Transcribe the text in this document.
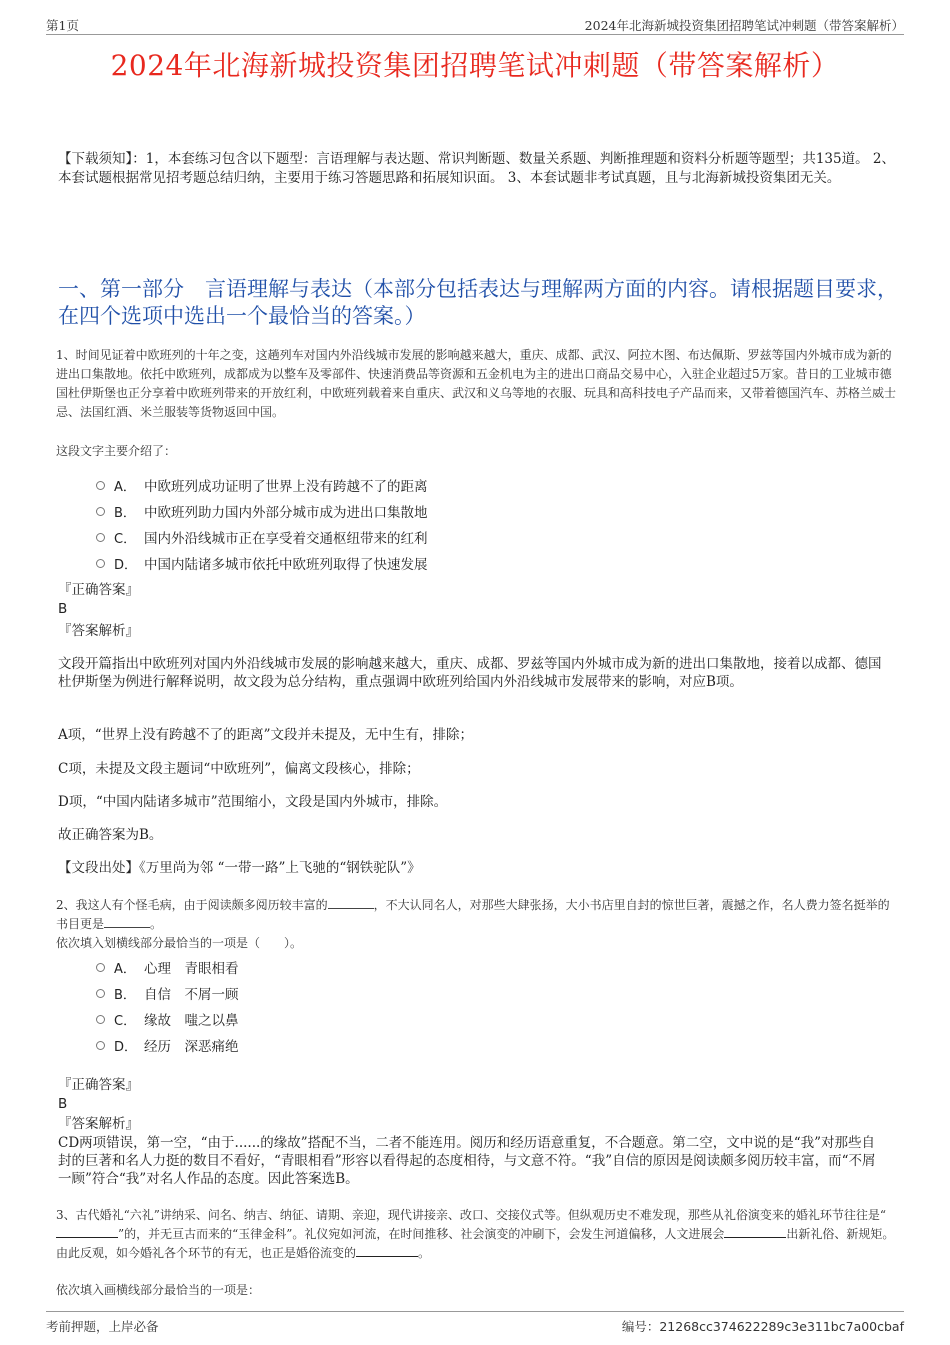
第1页	2024年北海新城投资集团招聘笔试冲刺题（带答案解析）
2024年北海新城投资集团招聘笔试冲刺题（带答案解析）
【下载须知】：1，本套练习包含以下题型：言语理解与表达题、常识判断题、数量关系题、判断推理题和资料分析题等题型；共135道。 2、本套试题根据常见招考题总结归纳，主要用于练习答题思路和拓展知识面。 3、本套试题非考试真题，且与北海新城投资集团无关。
一、第一部分　言语理解与表达（本部分包括表达与理解两方面的内容。请根据题目要求，在四个选项中选出一个最恰当的答案。）
1、时间见证着中欧班列的十年之变，这趟列车对国内外沿线城市发展的影响越来越大，重庆、成都、武汉、阿拉木图、布达佩斯、罗兹等国内外城市成为新的进出口集散地。依托中欧班列，成都成为以整车及零部件、快速消费品等资源和五金机电为主的进出口商品交易中心，入驻企业超过5万家。昔日的工业城市德国杜伊斯堡也正分享着中欧班列带来的开放红利，中欧班列载着来自重庆、武汉和义乌等地的衣服、玩具和高科技电子产品而来，又带着德国汽车、苏格兰威士忌、法国红酒、米兰服装等货物返回中国。
这段文字主要介绍了：
A． 中欧班列成功证明了世界上没有跨越不了的距离
B． 中欧班列助力国内外部分城市成为进出口集散地
C． 国内外沿线城市正在享受着交通枢纽带来的红利
D． 中国内陆诸多城市依托中欧班列取得了快速发展
『正确答案』
B
『答案解析』
文段开篇指出中欧班列对国内外沿线城市发展的影响越来越大，重庆、成都、罗兹等国内外城市成为新的进出口集散地，接着以成都、德国杜伊斯堡为例进行解释说明，故文段为总分结构，重点强调中欧班列给国内外沿线城市发展带来的影响，对应B项。
A项，“世界上没有跨越不了的距离”文段并未提及，无中生有，排除；
C项，未提及文段主题词“中欧班列”，偏离文段核心，排除；
D项，“中国内陆诸多城市”范围缩小，文段是国内外城市，排除。
故正确答案为B。
【文段出处】《万里尚为邻 “一带一路”上飞驰的“钢铁驼队”》
2、我这人有个怪毛病，由于阅读颇多阅历较丰富的	，不大认同名人，对那些大肆张扬，大小书店里自封的惊世巨著，震撼之作，名人费力签名挺举的书目更是	。
依次填入划横线部分最恰当的一项是（　　）。
A． 心理　青眼相看
B． 自信　不屑一顾
C． 缘故　嗤之以鼻
D． 经历　深恶痛绝
『正确答案』
B
『答案解析』
CD两项错误，第一空，“由于......的缘故”搭配不当，二者不能连用。阅历和经历语意重复，不合题意。第二空，文中说的是“我”对那些自封的巨著和名人力挺的数目不看好，“青眼相看”形容以看得起的态度相待，与文意不符。“我”自信的原因是阅读颇多阅历较丰富，而“不屑一顾”符合“我”对名人作品的态度。因此答案选B。
3、古代婚礼“六礼”讲纳采、问名、纳吉、纳征、请期、亲迎，现代讲接亲、改口、交接仪式等。但纵观历史不难发现，那些从礼俗演变来的婚礼环节往往是“”的，并无亘古而来的“玉律金科”。礼仪宛如河流，在时间推移、社会演变的冲刷下，会发生河道偏移，人文进展会	出新礼俗、新规矩。由此反观，如今婚礼各个环节的有无，也正是婚俗流变的	。
依次填入画横线部分最恰当的一项是：
考前押题，上岸必备	编号：21268cc374622289c3e311bc7a00cbaf
